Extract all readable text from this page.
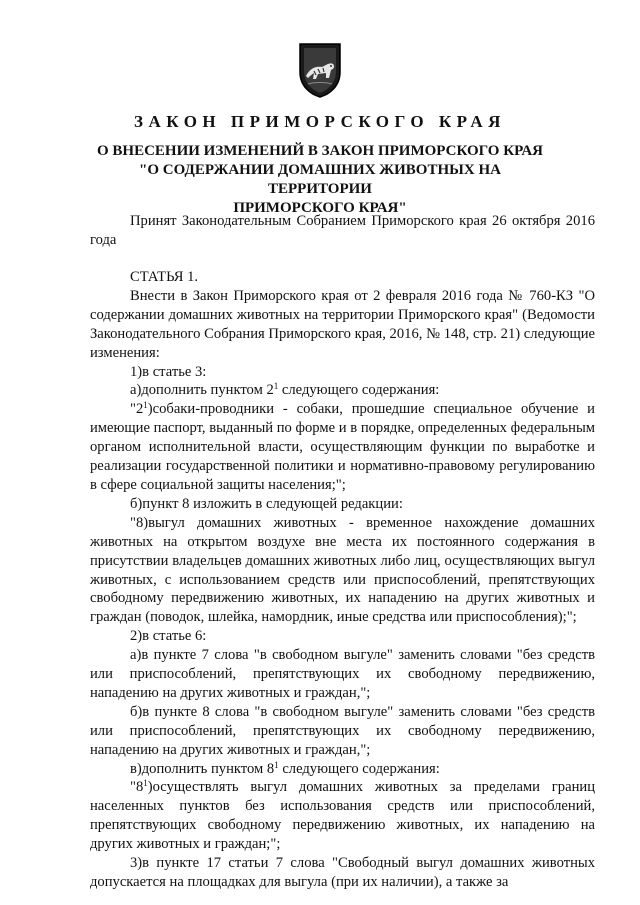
ЗАКОН ПРИМОРСКОГО КРАЯ
О ВНЕСЕНИИ ИЗМЕНЕНИЙ В ЗАКОН ПРИМОРСКОГО КРАЯ
"О СОДЕРЖАНИИ ДОМАШНИХ ЖИВОТНЫХ НА ТЕРРИТОРИИ
ПРИМОРСКОГО КРАЯ"
Принят Законодательным Собранием Приморского края 26 октября 2016 года

СТАТЬЯ 1.

Внести в Закон Приморского края от 2 февраля 2016 года № 760-КЗ "О содержании домашних животных на территории Приморского края" (Ведомости Законодательного Собрания Приморского края, 2016, № 148, стр. 21) следующие изменения:

1)в статье 3:

а)дополнить пунктом $2^1$ следующего содержания:

"$2^1)собаки$-проводники - собаки, прошедшие специальное обучение и имеющие паспорт, выданный по форме и в порядке, определенных федеральным органом исполнительной власти, осуществляющим функции по выработке и реализации государственной политики и нормативно-правовому регулированию в сфере социальной защиты населения;";

б)пункт 8 изложить в следующей редакции:

"8)выгул домашних животных - временное нахождение домашних животных на открытом воздухе вне места их постоянного содержания в присутствии владельцев домашних животных либо лиц, осуществляющих выгул животных, с использованием средств или приспособлений, препятствующих свободному передвижению животных, их нападению на других животных и граждан (поводок, шлейка, намордник, иные средства или приспособления);";

2)в статье 6:

а)в пункте 7 слова "в свободном выгуле" заменить словами "без средств или приспособлений, препятствующих их свободному передвижению, нападению на других животных и граждан,";

б)в пункте 8 слова "в свободном выгуле" заменить словами "без средств или приспособлений, препятствующих их свободному передвижению, нападению на других животных и граждан,";

в)дополнить пунктом $8^1$ следующего содержания:

"$8^1)осуществлять$ выгул домашних животных за пределами границ населенных пунктов без использования средств или приспособлений, препятствующих свободному передвижению животных, их нападению на других животных и граждан;";

3)в пункте 17 статьи 7 слова "Свободный выгул домашних животных допускается на площадках для выгула (при их наличии), а также за
